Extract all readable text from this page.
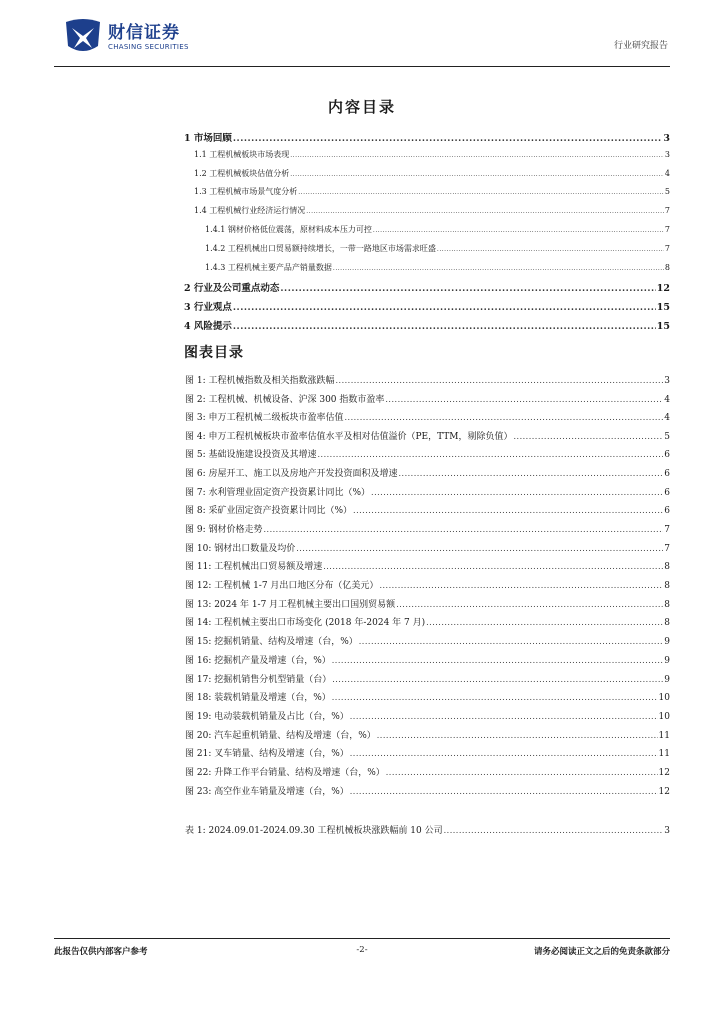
财信证券
CHASING SECURITIES	行业研究报告
内容目录
1 市场回顾 .....	3
1.1 工程机械板块市场表现 .....	3
1.2 工程机械板块估值分析 .....	4
1.3 工程机械市场景气度分析 .....	5
1.4 工程机械行业经济运行情况 .....	7
1.4.1 钢材价格低位震荡，原材料成本压力可控 .....	7
1.4.2 工程机械出口贸易额持续增长，一带一路地区市场需求旺盛 .....	7
1.4.3 工程机械主要产品产销量数据 .....	8
2 行业及公司重点动态 .....	12
3 行业观点 .....	15
4 风险提示 .....	15
图表目录
图 1: 工程机械指数及相关指数涨跌幅 .....	3
图 2: 工程机械、机械设备、沪深 300 指数市盈率 .....	4
图 3: 申万工程机械二级板块市盈率估值 .....	4
图 4: 申万工程机械板块市盈率估值水平及相对估值溢价（PE，TTM，剔除负值） .....	5
图 5: 基础设施建设投资及其增速 .....	6
图 6: 房屋开工、施工以及房地产开发投资面积及增速 .....	6
图 7: 水利管理业固定资产投资累计同比（%） .....	6
图 8: 采矿业固定资产投资累计同比（%） .....	6
图 9: 钢材价格走势 .....	7
图 10: 钢材出口数量及均价 .....	7
图 11: 工程机械出口贸易额及增速 .....	8
图 12: 工程机械 1-7 月出口地区分布（亿美元） .....	8
图 13: 2024 年 1-7 月工程机械主要出口国别贸易额 .....	8
图 14: 工程机械主要出口市场变化 (2018 年-2024 年 7 月) .....	8
图 15: 挖掘机销量、结构及增速（台，%） .....	9
图 16: 挖掘机产量及增速（台，%） .....	9
图 17: 挖掘机销售分机型销量（台） .....	9
图 18: 装载机销量及增速（台，%） .....	10
图 19: 电动装载机销量及占比（台，%） .....	10
图 20: 汽车起重机销量、结构及增速（台，%） .....	11
图 21: 叉车销量、结构及增速（台，%） .....	11
图 22: 升降工作平台销量、结构及增速（台，%） .....	12
图 23: 高空作业车销量及增速（台，%） .....	12
表 1: 2024.09.01-2024.09.30 工程机械板块涨跌幅前 10 公司 .....	3
此报告仅供内部客户参考	-2-	请务必阅读正文之后的免责条款部分
